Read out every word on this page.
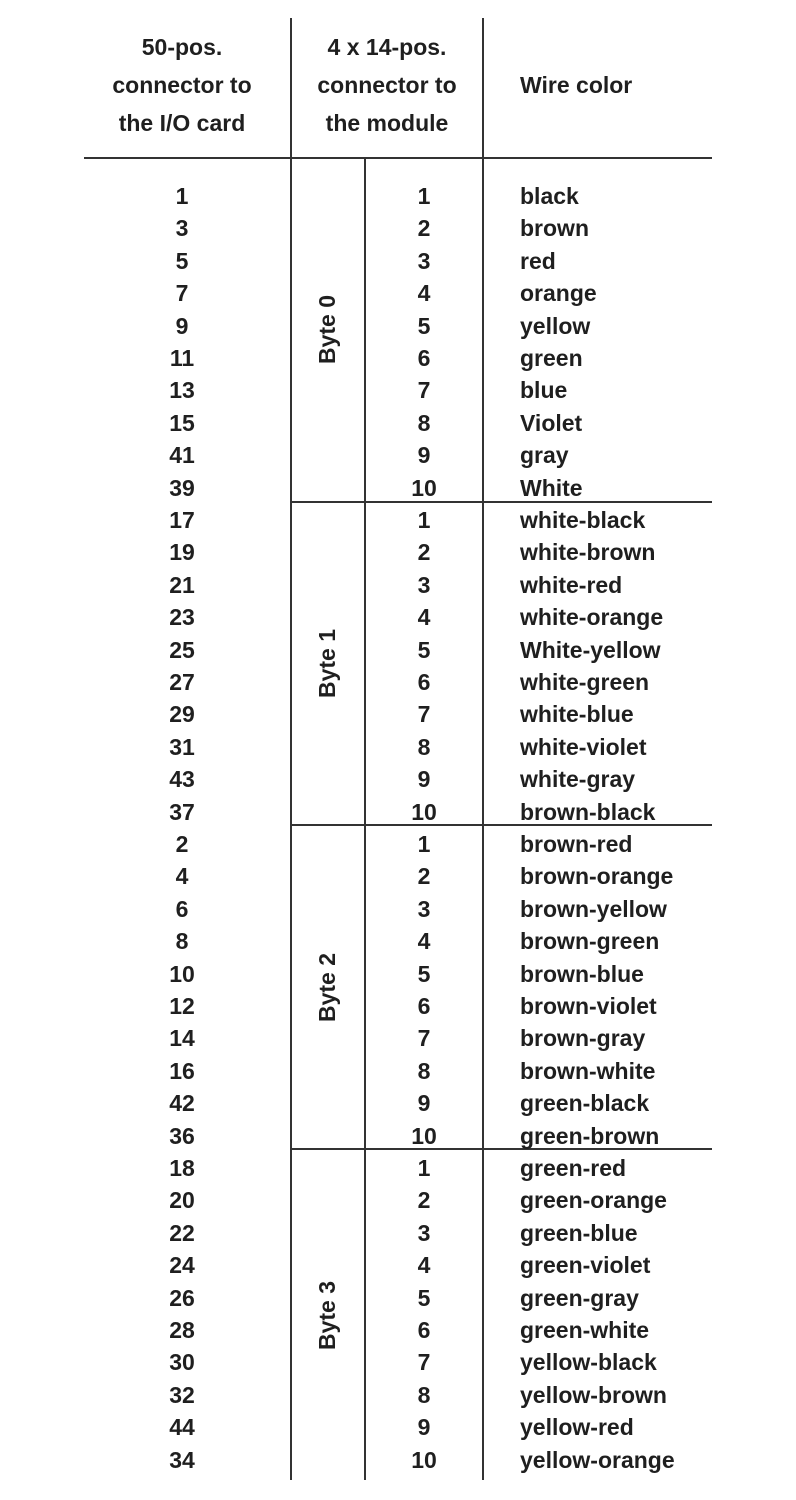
50-pos.
connector to
the I/O card
4 x 14-pos.
connector to
the module
Wire color
Byte 0
1	1	black
3	2	brown
5	3	red
7	4	orange
9	5	yellow
11	6	green
13	7	blue
15	8	Violet
41	9	gray
39	10	White
Byte 1
17	1	white-black
19	2	white-brown
21	3	white-red
23	4	white-orange
25	5	White-yellow
27	6	white-green
29	7	white-blue
31	8	white-violet
43	9	white-gray
37	10	brown-black
Byte 2
2	1	brown-red
4	2	brown-orange
6	3	brown-yellow
8	4	brown-green
10	5	brown-blue
12	6	brown-violet
14	7	brown-gray
16	8	brown-white
42	9	green-black
36	10	green-brown
Byte 3
18	1	green-red
20	2	green-orange
22	3	green-blue
24	4	green-violet
26	5	green-gray
28	6	green-white
30	7	yellow-black
32	8	yellow-brown
44	9	yellow-red
34	10	yellow-orange
